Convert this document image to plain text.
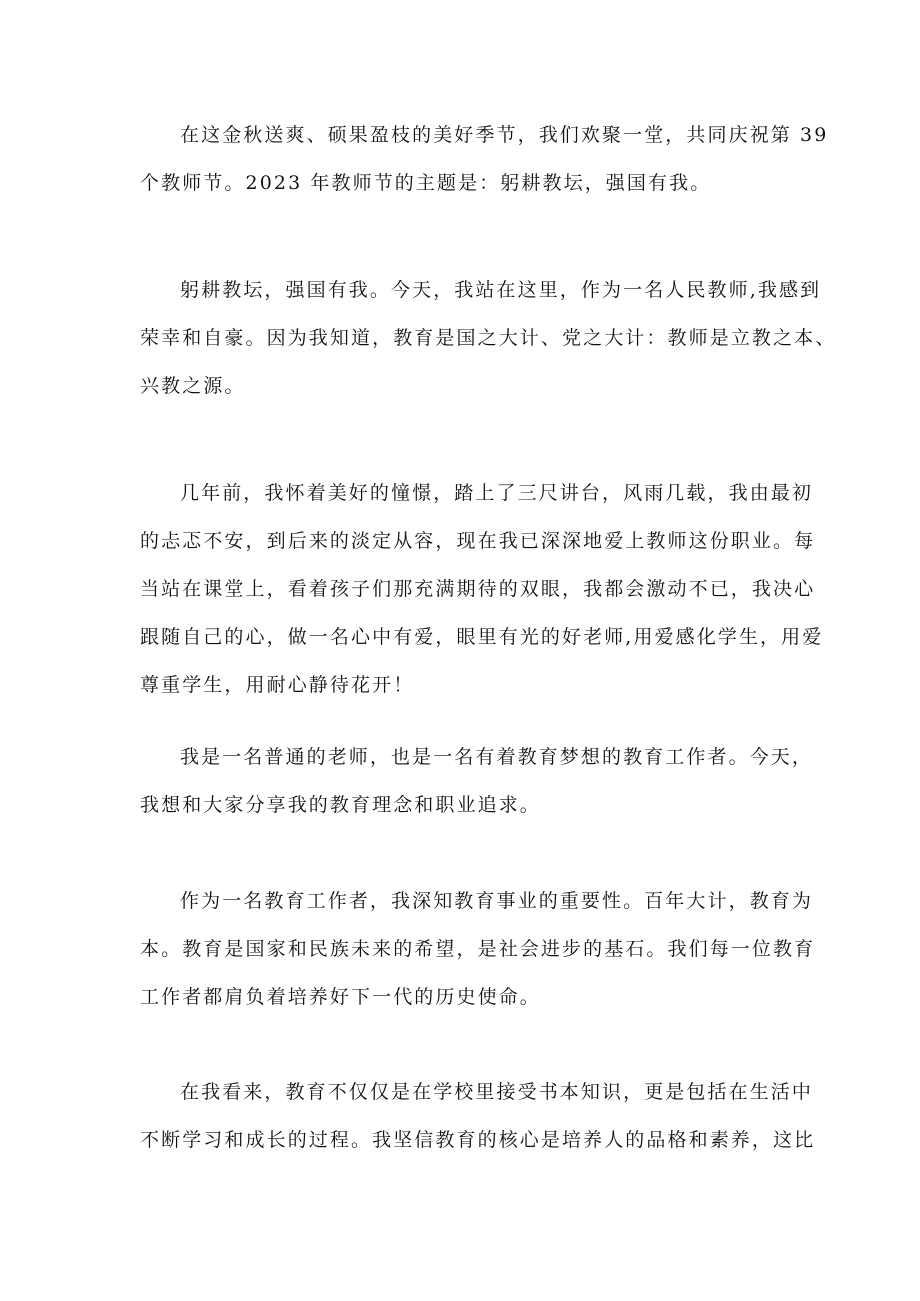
在这金秋送爽、硕果盈枝的美好季节，我们欢聚一堂，共同庆祝第 39
个教师节。2023 年教师节的主题是：躬耕教坛，强国有我。
躬耕教坛，强国有我。今天，我站在这里，作为一名人民教师,我感到
荣幸和自豪。因为我知道，教育是国之大计、党之大计：教师是立教之本、
兴教之源。
几年前，我怀着美好的憧憬，踏上了三尺讲台，风雨几载，我由最初
的忐忑不安，到后来的淡定从容，现在我已深深地爱上教师这份职业。每
当站在课堂上，看着孩子们那充满期待的双眼，我都会激动不已，我决心
跟随自己的心，做一名心中有爱，眼里有光的好老师,用爱感化学生，用爱
尊重学生，用耐心静待花开！
我是一名普通的老师，也是一名有着教育梦想的教育工作者。今天，
我想和大家分享我的教育理念和职业追求。
作为一名教育工作者，我深知教育事业的重要性。百年大计，教育为
本。教育是国家和民族未来的希望，是社会进步的基石。我们每一位教育
工作者都肩负着培养好下一代的历史使命。
在我看来，教育不仅仅是在学校里接受书本知识，更是包括在生活中
不断学习和成长的过程。我坚信教育的核心是培养人的品格和素养，这比
